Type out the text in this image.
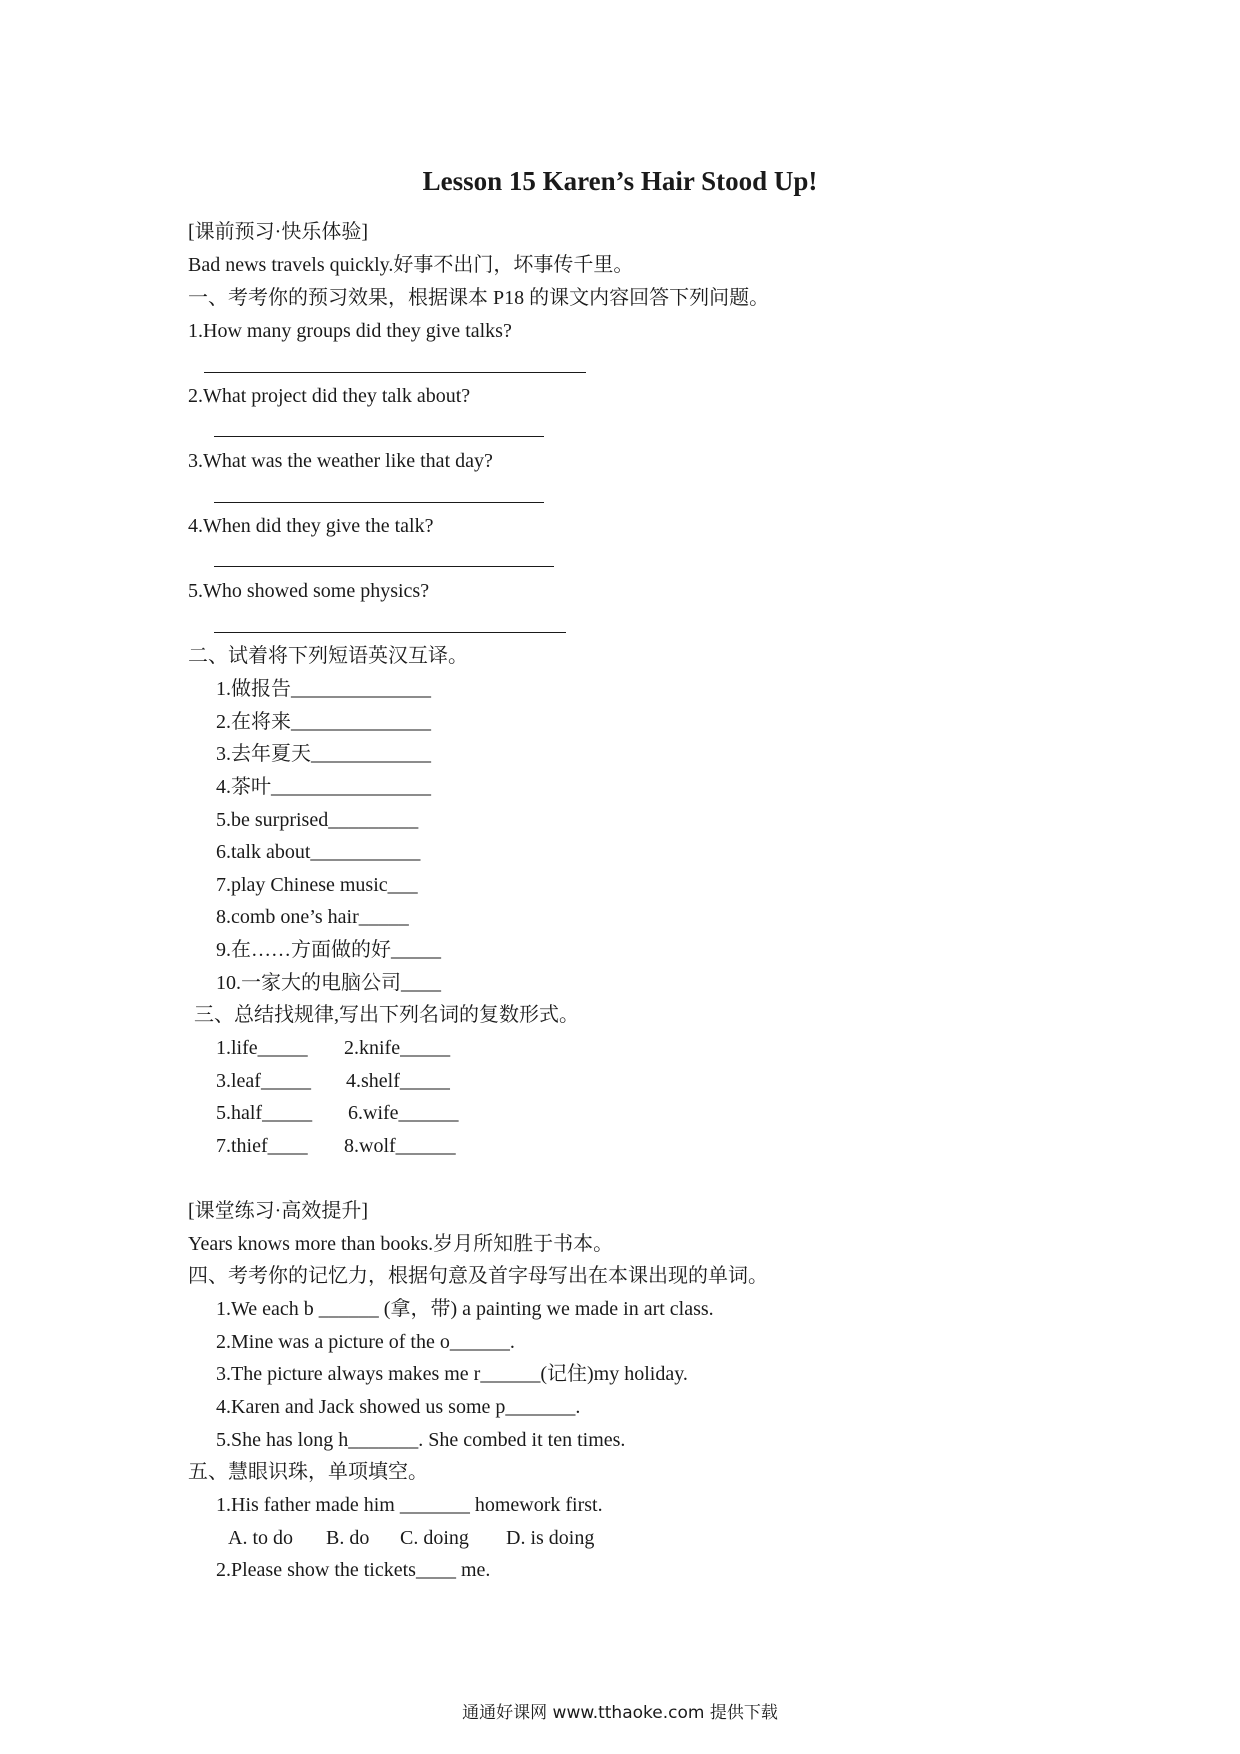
Lesson 15 Karen’s Hair Stood Up!
[课前预习·快乐体验]
Bad news travels quickly.好事不出门，坏事传千里。
一、考考你的预习效果，根据课本 P18 的课文内容回答下列问题。
1.How many groups did they give talks?
2.What project did they talk about?
3.What was the weather like that day?
4.When did they give the talk?
5.Who showed some physics?
二、试着将下列短语英汉互译。
1.做报告______________
2.在将来______________
3.去年夏天____________
4.茶叶________________
5.be surprised_________
6.talk about___________
7.play Chinese music___
8.comb one’s hair_____
9.在……方面做的好_____
10.一家大的电脑公司____
三、总结找规律,写出下列名词的复数形式。
1.life_____ 2.knife_____
3.leaf_____ 4.shelf_____
5.half_____ 6.wife______
7.thief____ 8.wolf______
[课堂练习·高效提升]
Years knows more than books.岁月所知胜于书本。
四、考考你的记忆力，根据句意及首字母写出在本课出现的单词。
1.We each b ______ (拿，带) a painting we made in art class.
2.Mine was a picture of the o______.
3.The picture always makes me r______(记住)my holiday.
4.Karen and Jack showed us some p_______.
5.She has long h_______. She combed it ten times.
五、慧眼识珠，单项填空。
1.His father made him _______ homework first.
A. to do B. do C. doing D. is doing
2.Please show the tickets____ me.
通通好课网 www.tthaoke.com 提供下载
